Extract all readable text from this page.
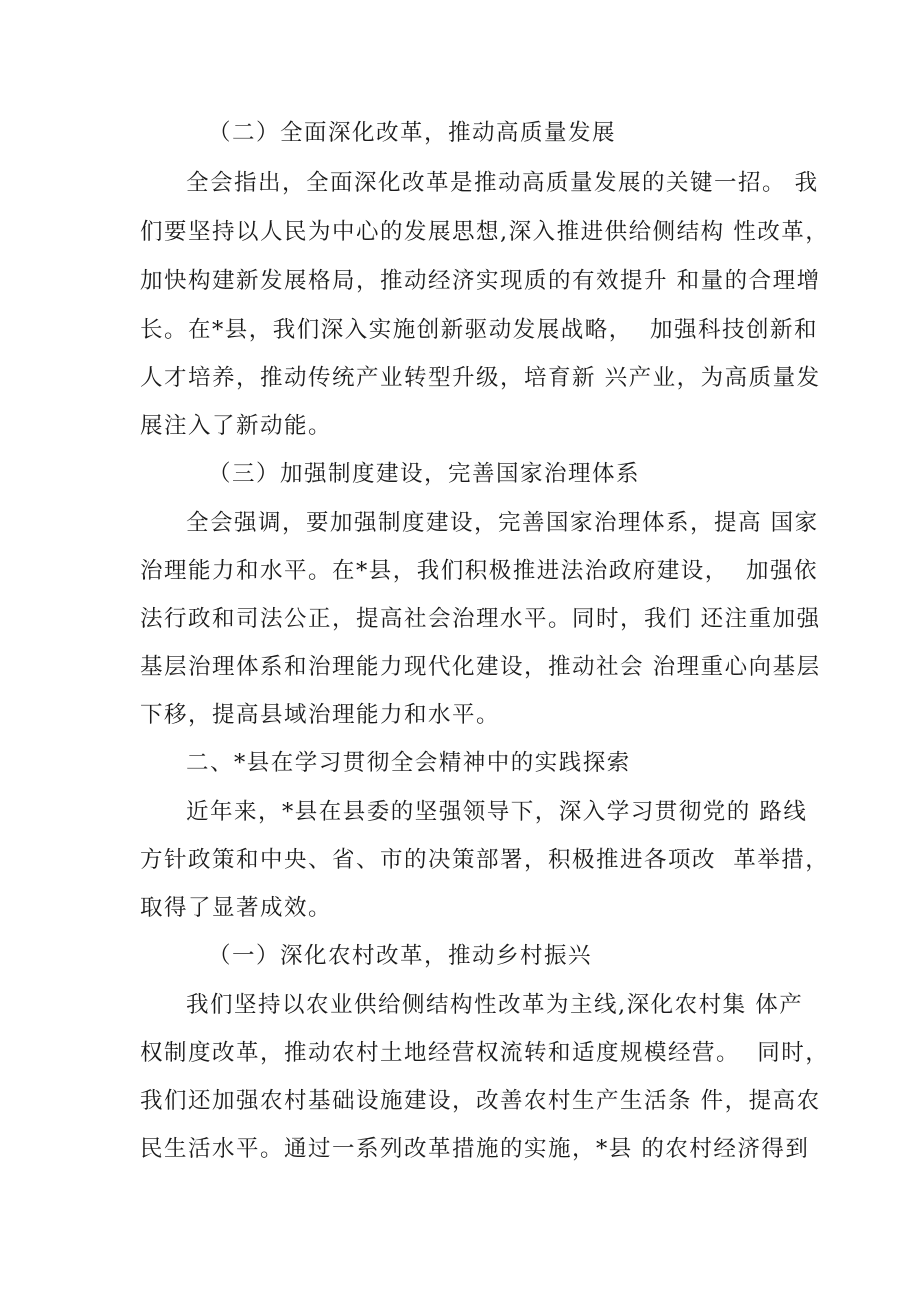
（二）全面深化改革，推动高质量发展
全会指出，全面深化改革是推动高质量发展的关键一招。 我
们要坚持以人民为中心的发展思想,深入推进供给侧结构 性改革，
加快构建新发展格局，推动经济实现质的有效提升 和量的合理增
长。在*县，我们深入实施创新驱动发展战略，  加强科技创新和
人才培养，推动传统产业转型升级，培育新 兴产业，为高质量发
展注入了新动能。
（三）加强制度建设，完善国家治理体系
全会强调，要加强制度建设，完善国家治理体系，提高 国家
治理能力和水平。在*县，我们积极推进法治政府建设，  加强依
法行政和司法公正，提高社会治理水平。同时，我们 还注重加强
基层治理体系和治理能力现代化建设，推动社会 治理重心向基层
下移，提高县域治理能力和水平。
二、*县在学习贯彻全会精神中的实践探索
近年来，*县在县委的坚强领导下，深入学习贯彻党的 路线
方针政策和中央、省、市的决策部署，积极推进各项改  革举措，
取得了显著成效。
（一）深化农村改革，推动乡村振兴
我们坚持以农业供给侧结构性改革为主线,深化农村集 体产
权制度改革，推动农村土地经营权流转和适度规模经营。  同时，
我们还加强农村基础设施建设，改善农村生产生活条 件，提高农
民生活水平。通过一系列改革措施的实施，*县 的农村经济得到
